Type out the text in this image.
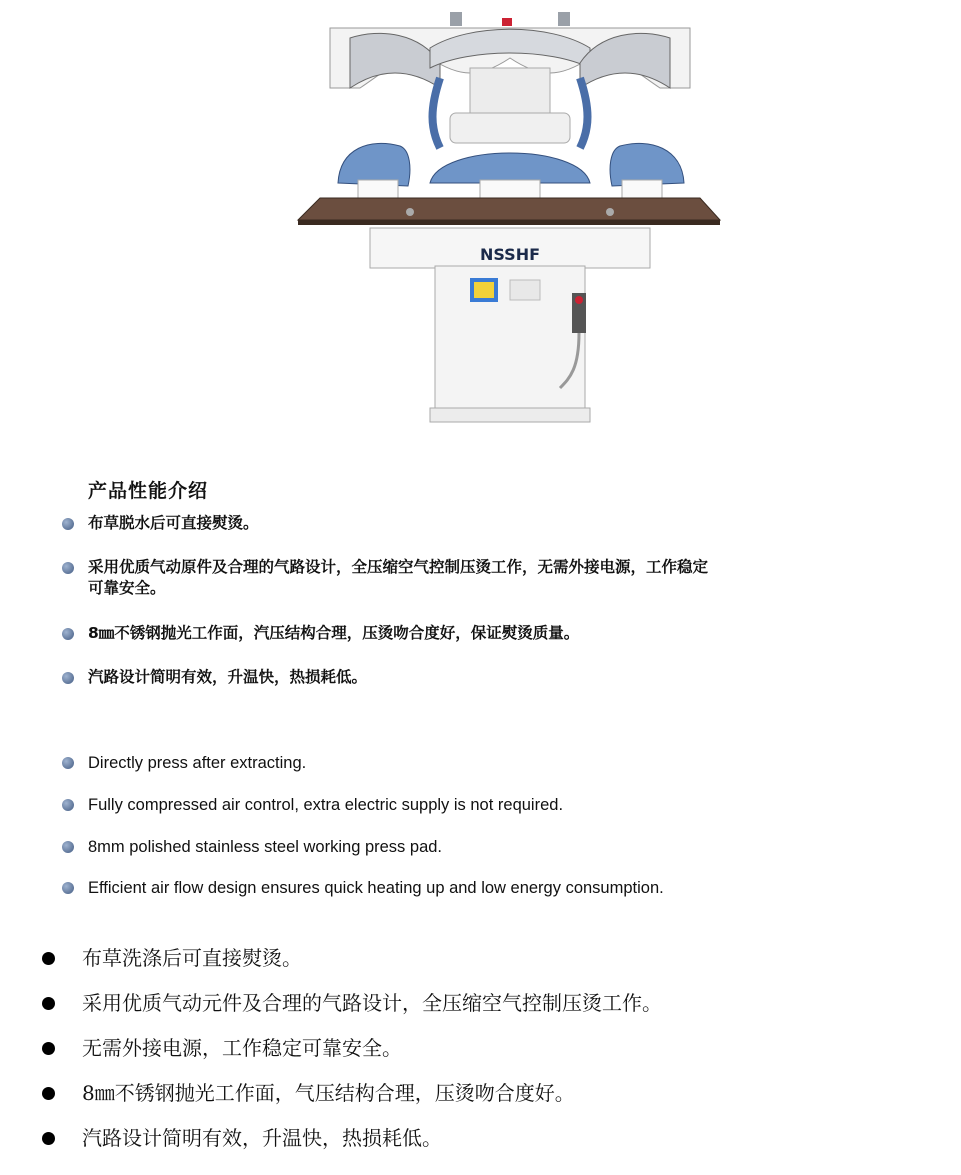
NSSHF
产品性能介绍
布草脱水后可直接熨烫。
采用优质气动原件及合理的气路设计，全压缩空气控制压烫工作，无需外接电源，工作稳定
可靠安全。
8㎜不锈钢抛光工作面，汽压结构合理，压烫吻合度好，保证熨烫质量。
汽路设计简明有效，升温快，热损耗低。
Directly press after extracting.
Fully compressed air control, extra electric supply is not required.
8mm polished stainless steel working press pad.
Efficient air flow design ensures quick heating up and low energy consumption.
布草洗涤后可直接熨烫。
采用优质气动元件及合理的气路设计，全压缩空气控制压烫工作。
无需外接电源，工作稳定可靠安全。
8㎜不锈钢抛光工作面，气压结构合理，压烫吻合度好。
汽路设计简明有效，升温快，热损耗低。
